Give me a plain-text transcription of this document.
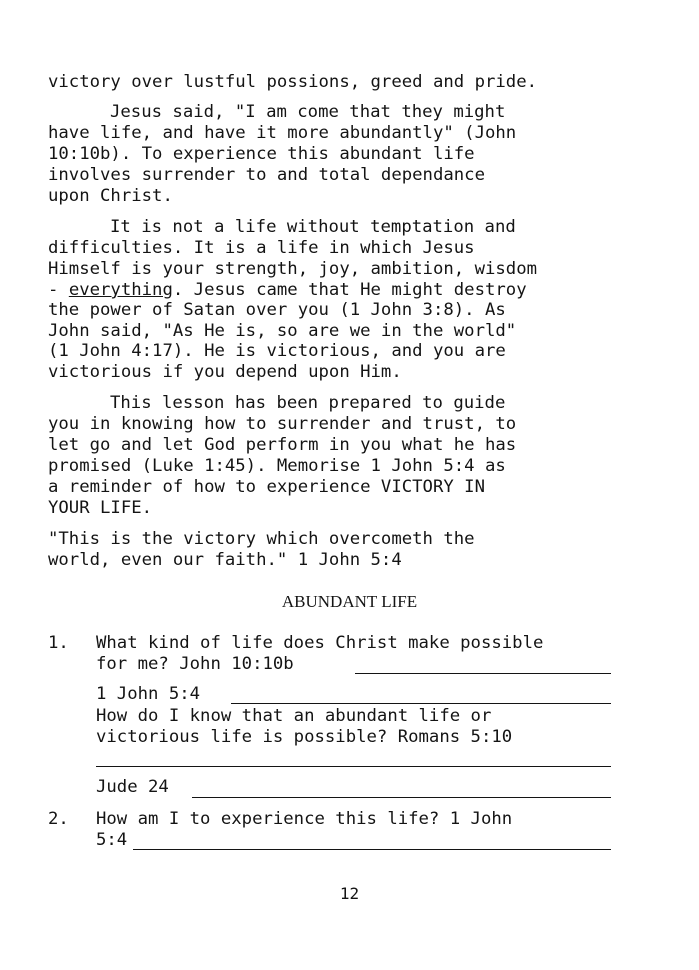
victory over lustful possions, greed and pride.
Jesus said, "I am come that they might
have life, and have it more abundantly" (John
10:10b). To experience this abundant life
involves surrender to and total dependance
upon Christ.
It is not a life without temptation and
difficulties. It is a life in which Jesus
Himself is your strength, joy, ambition, wisdom
- everything. Jesus came that He might destroy
the power of Satan over you (1 John 3:8). As
John said, "As He is, so are we in the world"
(1 John 4:17). He is victorious, and you are
victorious if you depend upon Him.
This lesson has been prepared to guide
you in knowing how to surrender and trust, to
let go and let God perform in you what he has
promised (Luke 1:45). Memorise 1 John 5:4 as
a reminder of how to experience VICTORY IN
YOUR LIFE.
"This is the victory which overcometh the
world, even our faith." 1 John 5:4
ABUNDANT LIFE
1. What kind of life does Christ make possible
for me? John 10:10b
1 John 5:4
How do I know that an abundant life or
victorious life is possible? Romans 5:10
Jude 24
2. How am I to experience this life? 1 John
5:4
12
